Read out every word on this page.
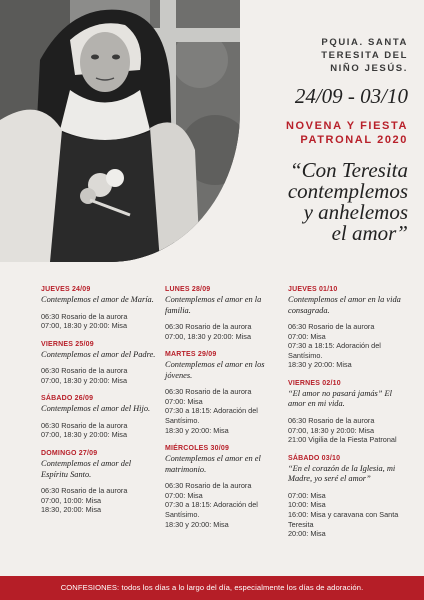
PQUIA. SANTA
TERESITA DEL
NIÑO JESÚS.
24/09 - 03/10
NOVENA Y FIESTA
PATRONAL 2020
“Con Teresita
contemplemos
y anhelemos
el amor”
JUEVES 24/09
Contemplemos el amor de María.
06:30 Rosario de la aurora
07:00, 18:30 y 20:00: Misa
VIERNES 25/09
Contemplemos el amor del Padre.
06:30 Rosario de la aurora
07:00, 18:30 y 20:00: Misa
SÁBADO 26/09
Contemplemos el amor del Hijo.
06:30 Rosario de la aurora
07:00, 18:30 y 20:00: Misa
DOMINGO 27/09
Contemplemos el amor del Espíritu Santo.
06:30 Rosario de la aurora
07:00, 10:00: Misa
18:30, 20:00: Misa
LUNES 28/09
Contemplemos el amor en la familia.
06:30 Rosario de la aurora
07:00, 18:30 y 20:00: Misa
MARTES 29/09
Contemplemos el amor en los jóvenes.
06:30 Rosario de la aurora
07:00: Misa
07:30 a 18:15: Adoración del Santísimo.
18:30 y 20:00: Misa
MIÉRCOLES 30/09
Contemplemos el amor en el matrimonio.
06:30 Rosario de la aurora
07:00: Misa
07:30 a 18:15: Adoración del Santísimo.
18:30 y 20:00: Misa
JUEVES 01/10
Contemplemos el amor en la vida consagrada.
06:30 Rosario de la aurora
07:00: Misa
07:30 a 18:15: Adoración del Santísimo.
18:30 y 20:00: Misa
VIERNES 02/10
“El amor no pasará jamás” El amor en mi vida.
06:30 Rosario de la aurora
07:00, 18:30 y 20:00: Misa
21:00 Vigilia de la Fiesta Patronal
SÁBADO 03/10
“En el corazón de la Iglesia, mi Madre, yo seré el amor”
07:00: Misa
10:00: Misa
16:00: Misa y caravana con Santa Teresita
20:00: Misa
CONFESIONES: todos los días a lo largo del día, especialmente los días de adoración.
